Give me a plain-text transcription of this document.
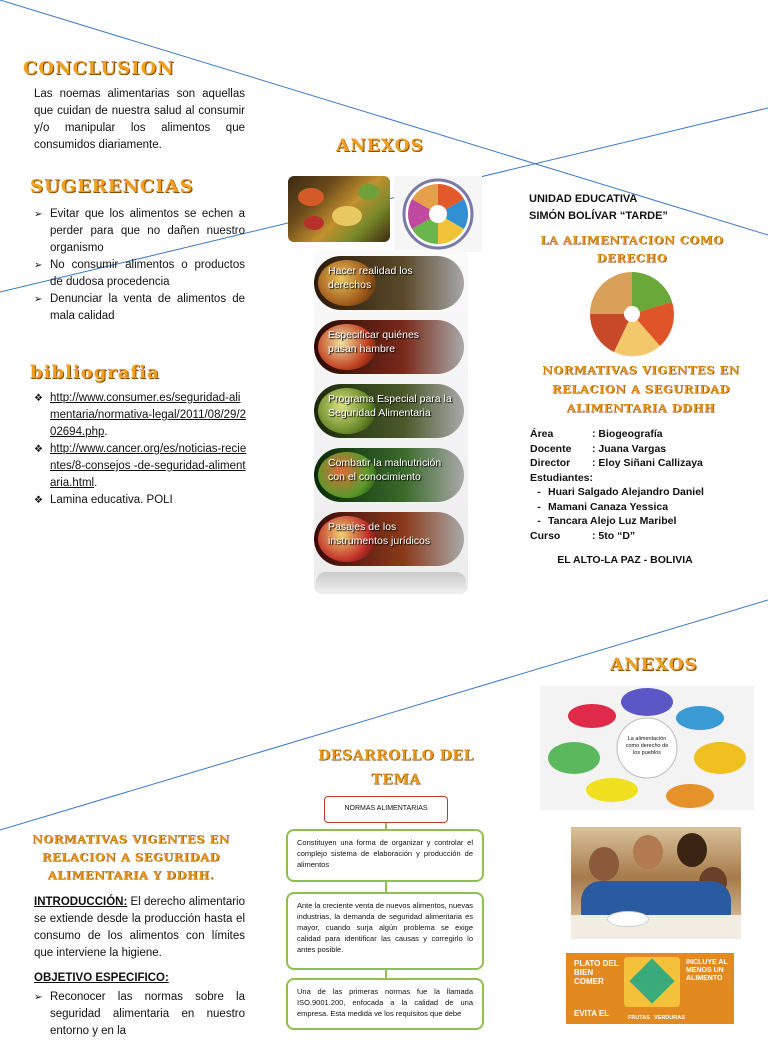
CONCLUSION
Las noemas alimentarias son aquellas que cuidan de nuestra salud al consumir y/o manipular los alimentos que consumidos diariamente.
SUGERENCIAS
➢ Evitar que los alimentos se echen a perder para que no dañen nuestro organismo
➢ No consumir alimentos o productos de dudosa procedencia
➢ Denunciar la venta de alimentos de mala calidad
bibliografia
❖ http://www.consumer.es/seguridad-alimentaria/normativa-legal/2011/08/29/202694.php.
❖ http://www.cancer.org/es/noticias-recientes/8-consejos -de-seguridad-alimentaria.html.
❖ Lamina educativa. POLI
ANEXOS
Hacer realidad los derechos
Especificar quiénes pasan hambre
Programa Especial para la Seguridad Alimentaria
Combatir la malnutrición con el conocimiento
Pasajes de los instrumentos jurídicos
UNIDAD EDUCATIVA
SIMÓN BOLÍVAR “TARDE”
LA ALIMENTACION COMO DERECHO
NORMATIVAS VIGENTES EN RELACION A SEGURIDAD ALIMENTARIA DDHH
Área	: Biogeografía
Docente	: Juana Vargas
Director	: Eloy Siñani Callizaya
Estudiantes :
- Huari Salgado Alejandro Daniel
- Mamani Canaza Yessica
- Tancara Alejo Luz Maribel
Curso	: 5to “D”
EL ALTO-LA PAZ - BOLIVIA
ANEXOS
La alimentación como derecho de los pueblos
PLATO DEL BIEN COMER
INCLUYE AL MENOS UN ALIMENTO
EVITA EL	FRUTAS VERDURAS
DESARROLLO DEL TEMA
NORMAS ALIMENTARIAS
Constituyen una forma de organizar y controlar el complejo sistema de elaboración y producción de alimentos
Ante la creciente venta de nuevos alimentos, nuevas industrias, la demanda de seguridad alimentaria es mayor, cuando surja algún problema se exige calidad para identificar las causas y corregirlo lo antes posible.
Una de las primeras normas fue la llamada ISO.9001.200, enfocada a la calidad de una empresa. Esta medida ve los requisitos que debe
NORMATIVAS VIGENTES EN RELACION A SEGURIDAD ALIMENTARIA Y DDHH.
INTRODUCCIÓN: El derecho alimentario se extiende desde la producción hasta el consumo de los alimentos con límites que interviene la higiene.
OBJETIVO ESPECIFICO:
➢ Reconocer las normas sobre la seguridad alimentaria en nuestro entorno y en la
